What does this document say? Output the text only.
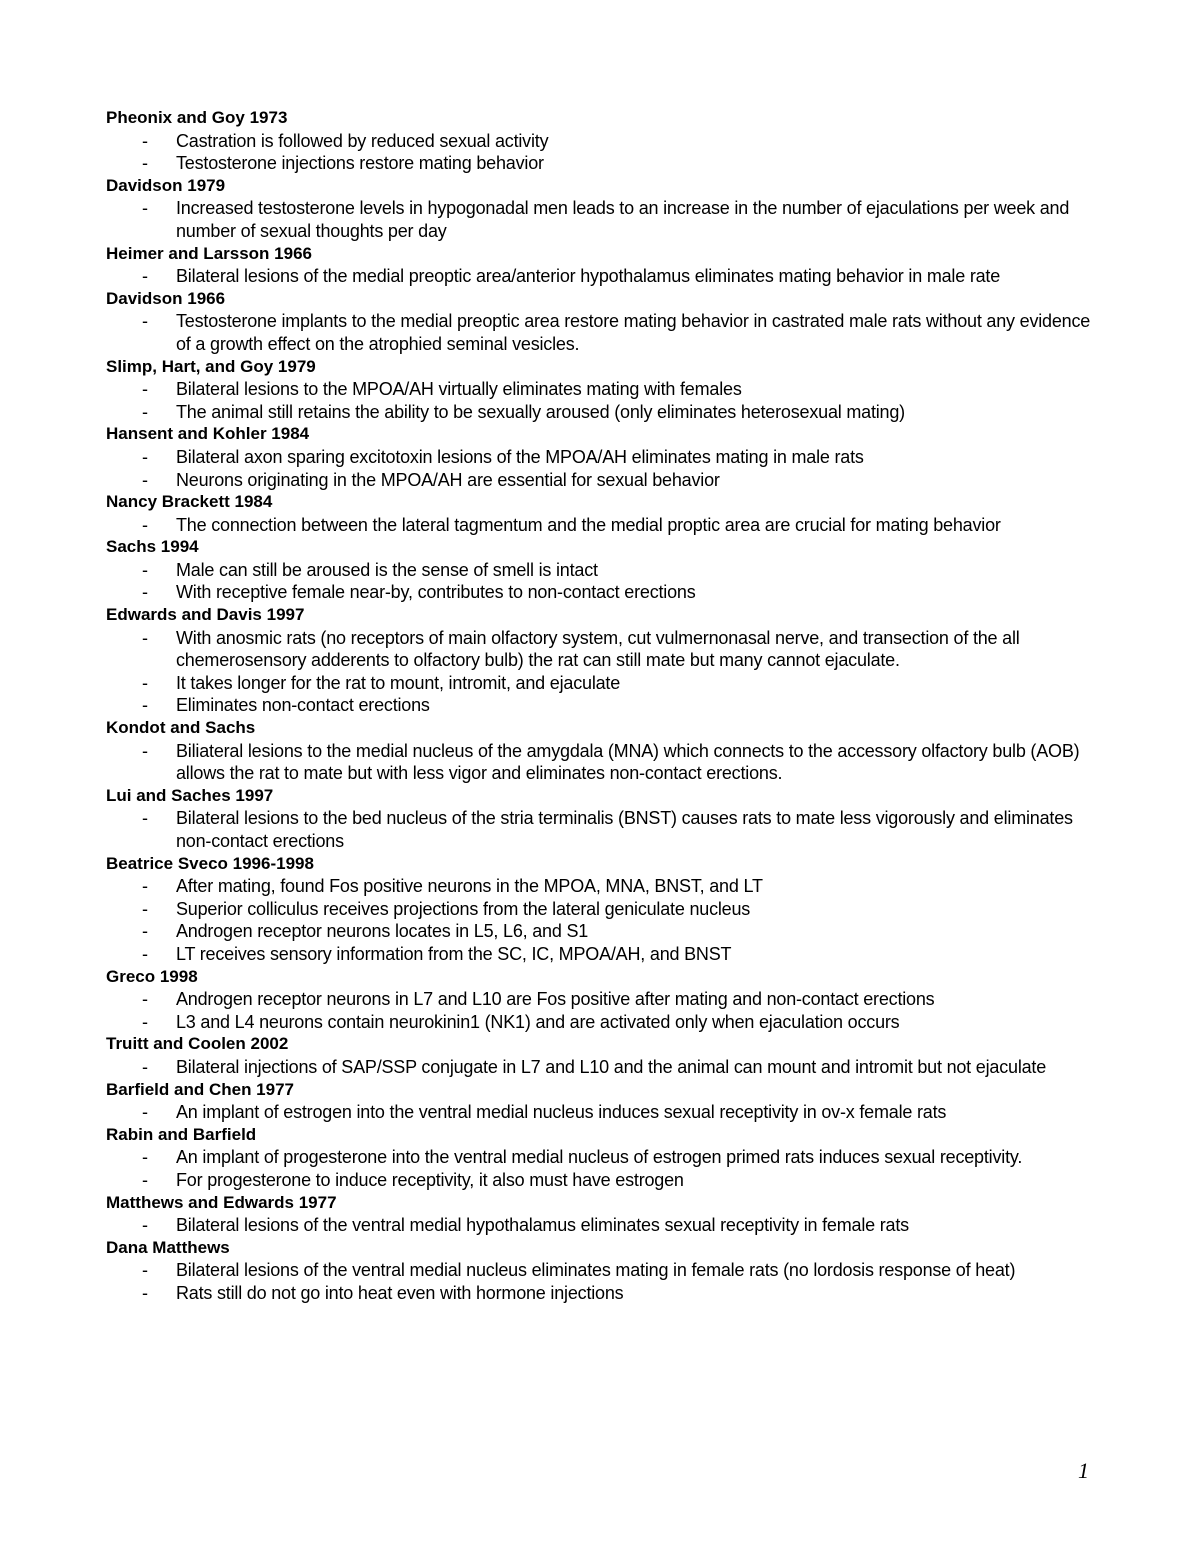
Pheonix and Goy 1973
- Castration is followed by reduced sexual activity
- Testosterone injections restore mating behavior
Davidson 1979
- Increased testosterone levels in hypogonadal men leads to an increase in the number of ejaculations per week and number of sexual thoughts per day
Heimer and Larsson 1966
- Bilateral lesions of the medial preoptic area/anterior hypothalamus eliminates mating behavior in male rate
Davidson 1966
- Testosterone implants to the medial preoptic area restore mating behavior in castrated male rats without any evidence of a growth effect on the atrophied seminal vesicles.
Slimp, Hart, and Goy 1979
- Bilateral lesions to the MPOA/AH virtually eliminates mating with females
- The animal still retains the ability to be sexually aroused (only eliminates heterosexual mating)
Hansent and Kohler 1984
- Bilateral axon sparing excitotoxin lesions of the MPOA/AH eliminates mating in male rats
- Neurons originating in the MPOA/AH are essential for sexual behavior
Nancy Brackett 1984
- The connection between the lateral tagmentum and the medial proptic area are crucial for mating behavior
Sachs 1994
- Male can still be aroused is the sense of smell is intact
- With receptive female near-by, contributes to non-contact erections
Edwards and Davis 1997
- With anosmic rats (no receptors of main olfactory system, cut vulmernonasal nerve, and transection of the all chemerosensory adderents to olfactory bulb) the rat can still mate but many cannot ejaculate.
- It takes longer for the rat to mount, intromit, and ejaculate
- Eliminates non-contact erections
Kondot and Sachs
- Biliateral lesions to the medial nucleus of the amygdala (MNA) which connects to the accessory olfactory bulb (AOB) allows the rat to mate but with less vigor and eliminates non-contact erections.
Lui and Saches 1997
- Bilateral lesions to the bed nucleus of the stria terminalis (BNST) causes rats to mate less vigorously and eliminates non-contact erections
Beatrice Sveco 1996-1998
- After mating, found Fos positive neurons in the MPOA, MNA, BNST, and LT
- Superior colliculus receives projections from the lateral geniculate nucleus
- Androgen receptor neurons locates in L5, L6, and S1
- LT receives sensory information from the SC, IC, MPOA/AH, and BNST
Greco 1998
- Androgen receptor neurons in L7 and L10 are Fos positive after mating and non-contact erections
- L3 and L4 neurons contain neurokinin1 (NK1) and are activated only when ejaculation occurs
Truitt and Coolen 2002
- Bilateral injections of SAP/SSP conjugate in L7 and L10 and the animal can mount and intromit but not ejaculate
Barfield and Chen 1977
- An implant of estrogen into the ventral medial nucleus induces sexual receptivity in ov-x female rats
Rabin and Barfield
- An implant of progesterone into the ventral medial nucleus of estrogen primed rats induces sexual receptivity.
- For progesterone to induce receptivity, it also must have estrogen
Matthews and Edwards 1977
- Bilateral lesions of the ventral medial hypothalamus eliminates sexual receptivity in female rats
Dana Matthews
- Bilateral lesions of the ventral medial nucleus eliminates mating in female rats (no lordosis response of heat)
- Rats still do not go into heat even with hormone injections
1
